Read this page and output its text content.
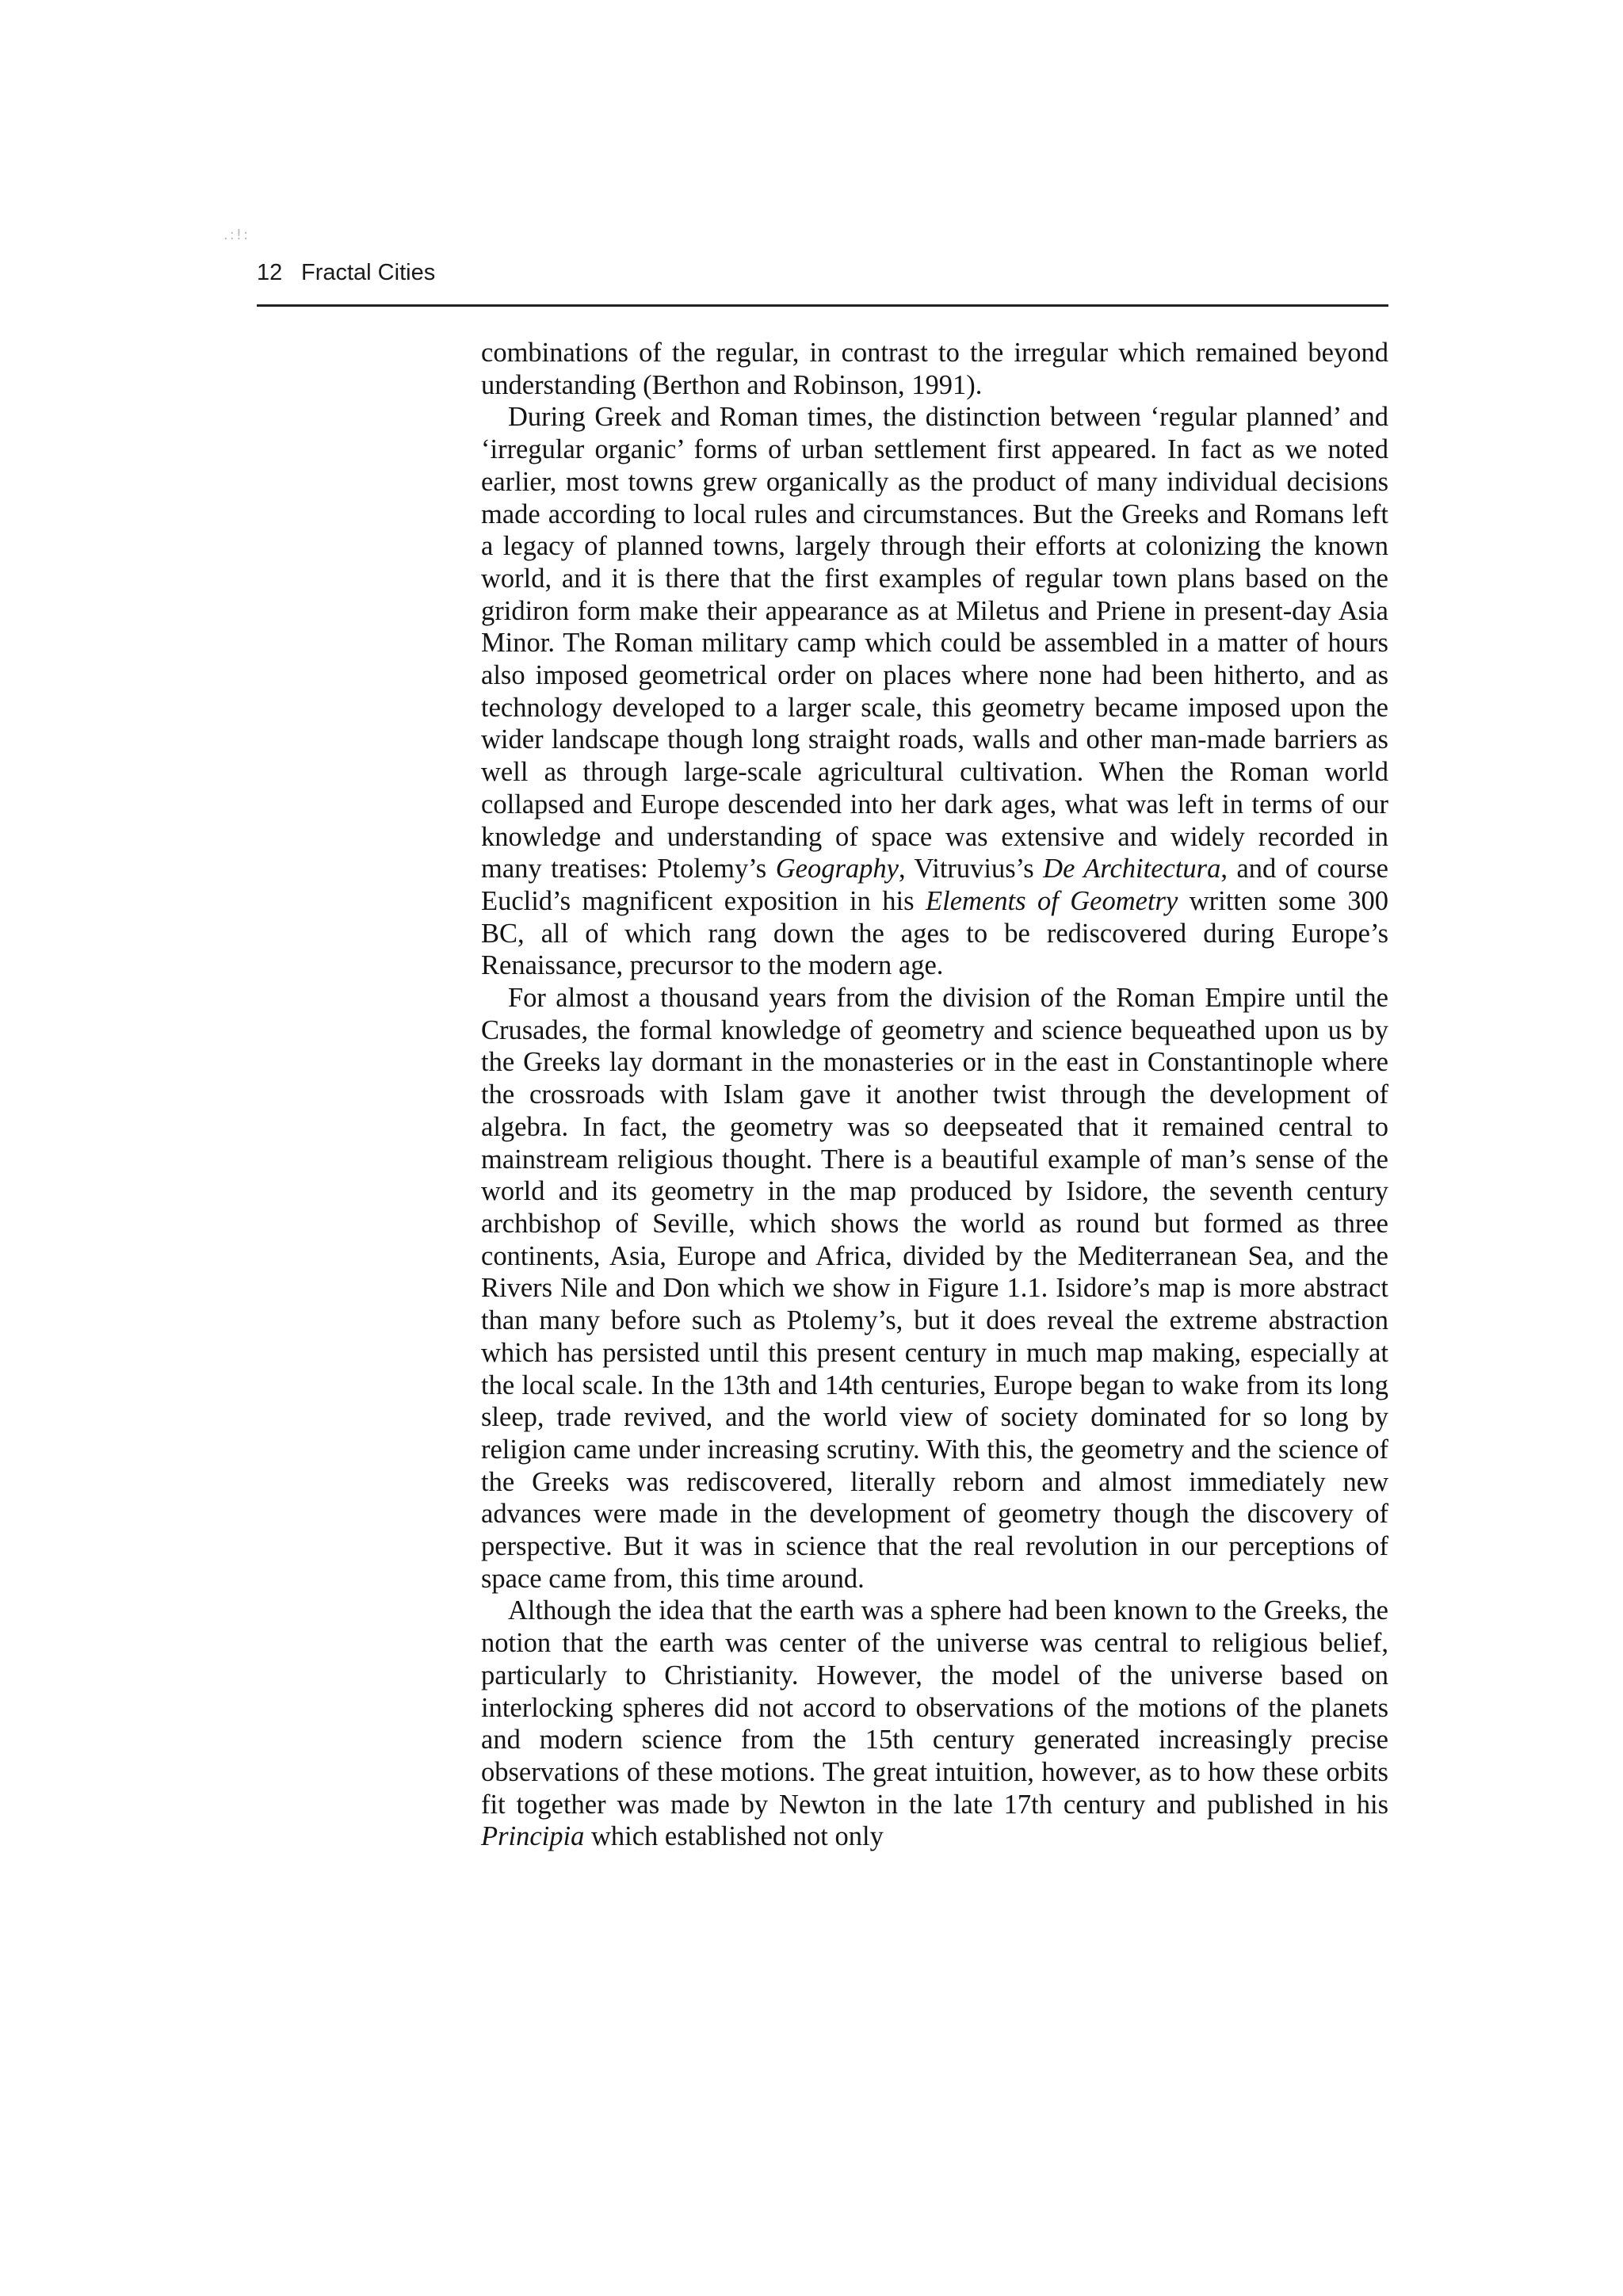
.:!:
12 Fractal Cities

combinations of the regular, in contrast to the irregular which remained beyond understanding (Berthon and Robinson, 1991).

During Greek and Roman times, the distinction between ‘regular planned’ and ‘irregular organic’ forms of urban settlement first appeared. In fact as we noted earlier, most towns grew organically as the product of many individual decisions made according to local rules and circumstances. But the Greeks and Romans left a legacy of planned towns, largely through their efforts at colonizing the known world, and it is there that the first examples of regular town plans based on the gridiron form make their appearance as at Miletus and Priene in present-day Asia Minor. The Roman military camp which could be assembled in a matter of hours also imposed geometrical order on places where none had been hitherto, and as technology developed to a larger scale, this geometry became imposed upon the wider landscape though long straight roads, walls and other man-made barriers as well as through large-scale agricultural cultivation. When the Roman world collapsed and Europe descended into her dark ages, what was left in terms of our knowledge and understanding of space was extensive and widely recorded in many treatises: Ptolemy’s Geography, Vitruvius’s De Architectura, and of course Euclid’s magnificent exposition in his Elements of Geometry written some 300 BC, all of which rang down the ages to be rediscovered during Europe’s Renaissance, precursor to the modern age.

For almost a thousand years from the division of the Roman Empire until the Crusades, the formal knowledge of geometry and science bequeathed upon us by the Greeks lay dormant in the monasteries or in the east in Constantinople where the crossroads with Islam gave it another twist through the development of algebra. In fact, the geometry was so deepseated that it remained central to mainstream religious thought. There is a beautiful example of man’s sense of the world and its geometry in the map produced by Isidore, the seventh century archbishop of Seville, which shows the world as round but formed as three continents, Asia, Europe and Africa, divided by the Mediterranean Sea, and the Rivers Nile and Don which we show in Figure 1.1. Isidore’s map is more abstract than many before such as Ptolemy’s, but it does reveal the extreme abstraction which has persisted until this present century in much map making, especially at the local scale. In the 13th and 14th centuries, Europe began to wake from its long sleep, trade revived, and the world view of society dominated for so long by religion came under increasing scrutiny. With this, the geometry and the science of the Greeks was rediscovered, literally reborn and almost immediately new advances were made in the development of geometry though the discovery of perspective. But it was in science that the real revolution in our perceptions of space came from, this time around.

Although the idea that the earth was a sphere had been known to the Greeks, the notion that the earth was center of the universe was central to religious belief, particularly to Christianity. However, the model of the universe based on interlocking spheres did not accord to observations of the motions of the planets and modern science from the 15th century generated increasingly precise observations of these motions. The great intuition, however, as to how these orbits fit together was made by Newton in the late 17th century and published in his Principia which established not only
